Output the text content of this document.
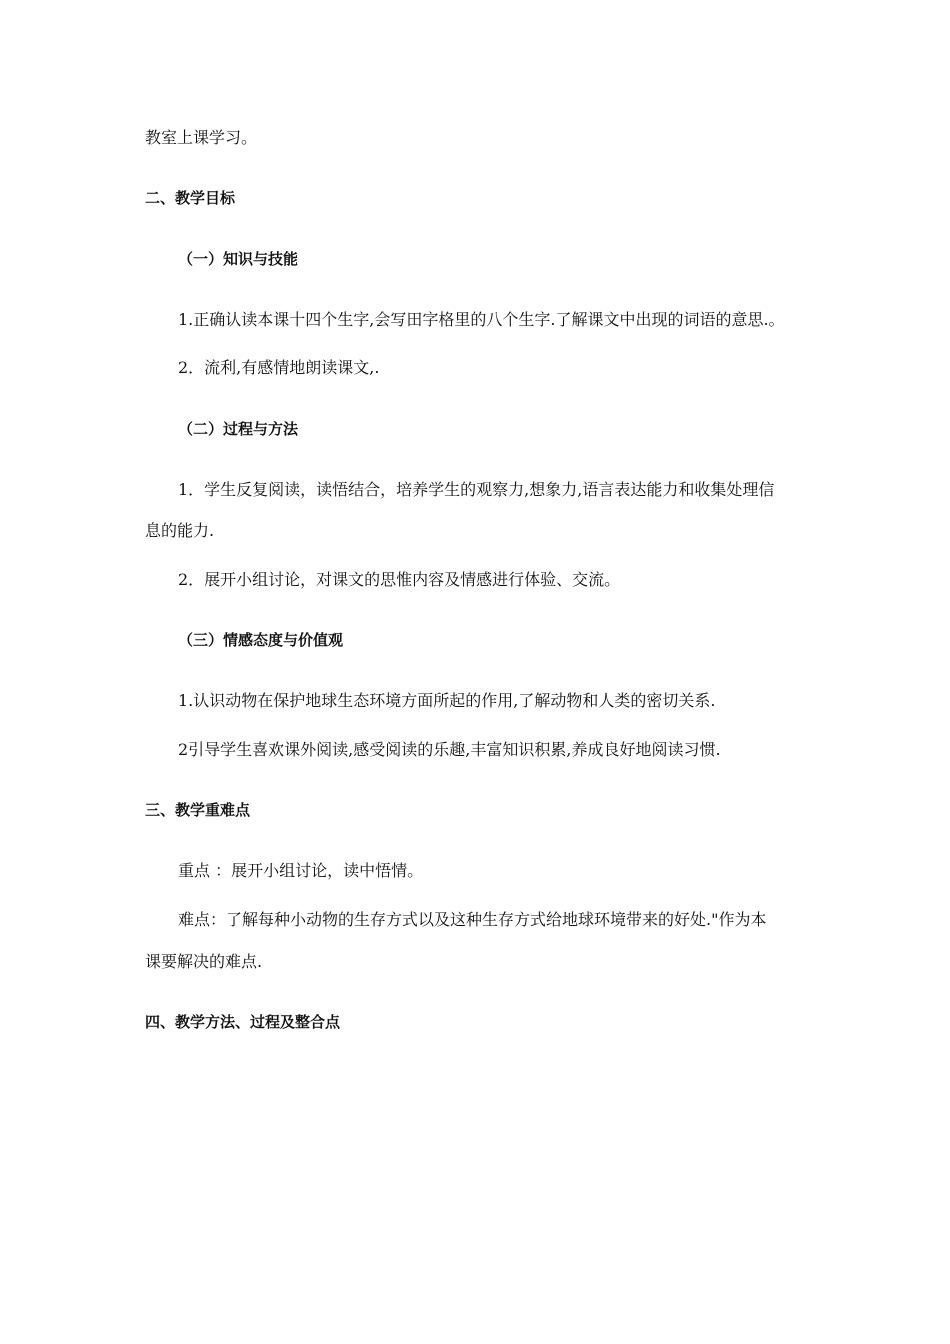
教室上课学习。
二、教学目标
（一）知识与技能
1.正确认读本课十四个生字,会写田字格里的八个生字.了解课文中出现的词语的意思.。
2．流利,有感情地朗读课文,.
（二）过程与方法
1．学生反复阅读，读悟结合，培养学生的观察力,想象力,语言表达能力和收集处理信
息的能力.
2．展开小组讨论，对课文的思惟内容及情感进行体验、交流。
（三）情感态度与价值观
1.认识动物在保护地球生态环境方面所起的作用,了解动物和人类的密切关系.
2引导学生喜欢课外阅读,感受阅读的乐趣,丰富知识积累,养成良好地阅读习惯.
三、教学重难点
重点 ：展开小组讨论，读中悟情。
难点：了解每种小动物的生存方式以及这种生存方式给地球环境带来的好处."作为本
课要解决的难点.
四、教学方法、过程及整合点
